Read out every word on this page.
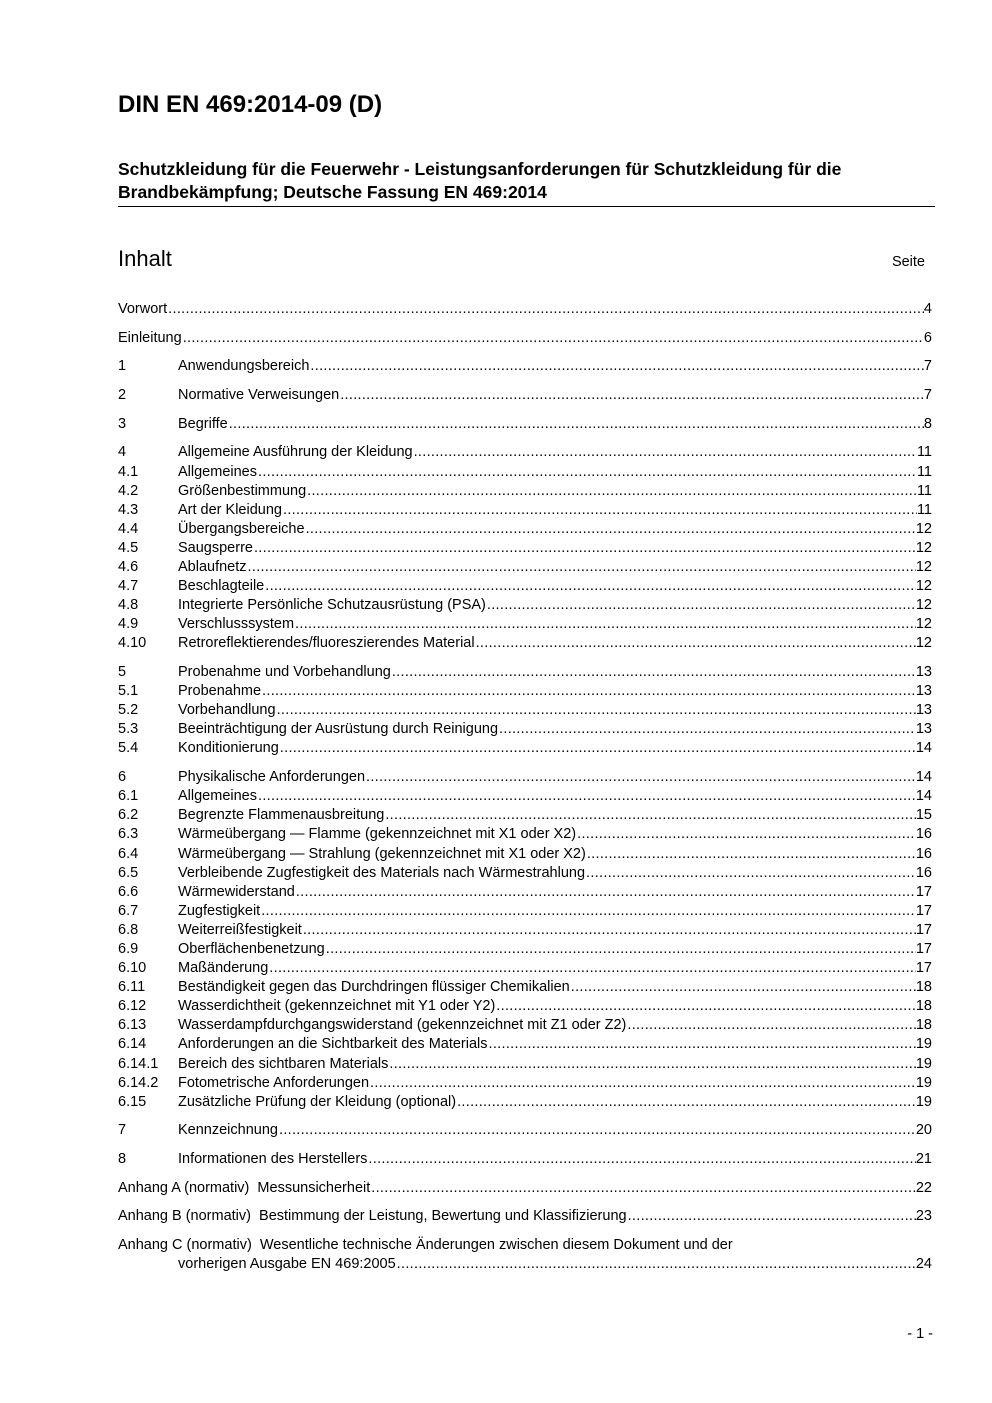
DIN EN 469:2014-09 (D)
Schutzkleidung für die Feuerwehr - Leistungsanforderungen für Schutzkleidung für die Brandbekämpfung; Deutsche Fassung EN 469:2014
Inhalt	Seite
Vorwort .....	4
Einleitung .....	6
1	Anwendungsbereich .....	7
2	Normative Verweisungen .....	7
3	Begriffe .....	8
4	Allgemeine Ausführung der Kleidung .....	11
4.1	Allgemeines .....	11
4.2	Größenbestimmung .....	11
4.3	Art der Kleidung .....	11
4.4	Übergangsbereiche .....	12
4.5	Saugsperre .....	12
4.6	Ablaufnetz .....	12
4.7	Beschlagteile .....	12
4.8	Integrierte Persönliche Schutzausrüstung (PSA) .....	12
4.9	Verschlusssystem .....	12
4.10 Retroreflektierendes/fluoreszierendes Material .....	12
5	Probenahme und Vorbehandlung .....	13
5.1	Probenahme .....	13
5.2	Vorbehandlung .....	13
5.3	Beeinträchtigung der Ausrüstung durch Reinigung .....	13
5.4	Konditionierung .....	14
6	Physikalische Anforderungen .....	14
6.1	Allgemeines .....	14
6.2	Begrenzte Flammenausbreitung .....	15
6.3	Wärmeübergang — Flamme (gekennzeichnet mit X1 oder X2) .....	16
6.4	Wärmeübergang — Strahlung (gekennzeichnet mit X1 oder X2) .....	16
6.5	Verbleibende Zugfestigkeit des Materials nach Wärmestrahlung .....	16
6.6	Wärmewiderstand .....	17
6.7	Zugfestigkeit .....	17
6.8	Weiterreißfestigkeit .....	17
6.9	Oberflächenbenetzung .....	17
6.10 Maßänderung .....	17
6.11 Beständigkeit gegen das Durchdringen flüssiger Chemikalien .....	18
6.12 Wasserdichtheit (gekennzeichnet mit Y1 oder Y2) .....	18
6.13 Wasserdampfdurchgangswiderstand (gekennzeichnet mit Z1 oder Z2) .....	18
6.14 Anforderungen an die Sichtbarkeit des Materials .....	19
6.14.1 Bereich des sichtbaren Materials .....	19
6.14.2 Fotometrische Anforderungen .....	19
6.15 Zusätzliche Prüfung der Kleidung (optional) .....	19
7	Kennzeichnung .....	20
8	Informationen des Herstellers .....	21
Anhang A (normativ)  Messunsicherheit .....	22
Anhang B (normativ)  Bestimmung der Leistung, Bewertung und Klassifizierung .....	23
Anhang C (normativ)  Wesentliche technische Änderungen zwischen diesem Dokument und der
vorherigen Ausgabe EN 469:2005 .....	24
- 1 -
